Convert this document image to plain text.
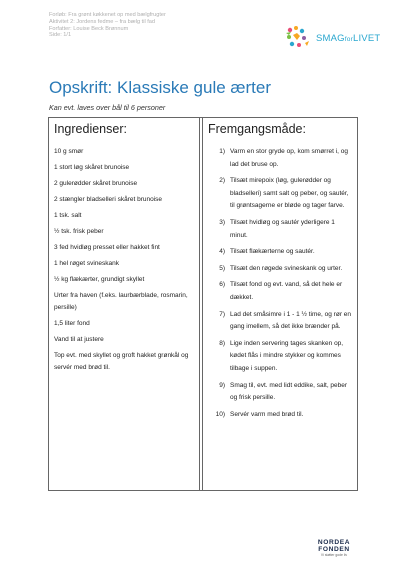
Forløb: Fra grønt køkkenet op med bælgfrugter
Aktivitet 2: Jordens fedme – fra bælg til fad
Forfatter: Louise Beck Brønnum
Side: 1/1	SMAGforLIVET
Opskrift: Klassiske gule ærter
Kan evt. laves over bål til 6 personer
Ingredienser:

10 g smør

1 stort løg skåret brunoise

2 gulerødder skåret brunoise

2 stængler bladselleri skåret brunoise

1 tsk. salt

½ tsk. frisk peber

3 fed hvidløg presset eller hakket fint

1 hel røget svineskank

½ kg flækærter, grundigt skyllet

Urter fra haven (f.eks. laurbærblade, rosmarin, persille)

1,5 liter fond

Vand til at justere

Top evt. med skyllet og groft hakket grønkål og servér med brød til.

Fremgangsmåde:
1) Varm en stor gryde op, kom smørret i, og lad det bruse op.
2) Tilsæt mirepoix (løg, gulerødder og bladselleri) samt salt og peber, og sautér, til grøntsagerne er bløde og tager farve.
3) Tilsæt hvidløg og sautér yderligere 1 minut.
4) Tilsæt flækærterne og sautér.
5) Tilsæt den røgede svineskank og urter.
6) Tilsæt fond og evt. vand, så det hele er dækket.
7) Lad det småsimre i 1 - 1 ½ time, og rør en gang imellem, så det ikke brænder på.
8) Lige inden servering tages skanken op, kødet flås i mindre stykker og kommes tilbage i suppen.
9) Smag til, evt. med lidt eddike, salt, peber og frisk persille.
10) Servér varm med brød til.
NORDEA
FONDEN
Vi støtter gode liv
